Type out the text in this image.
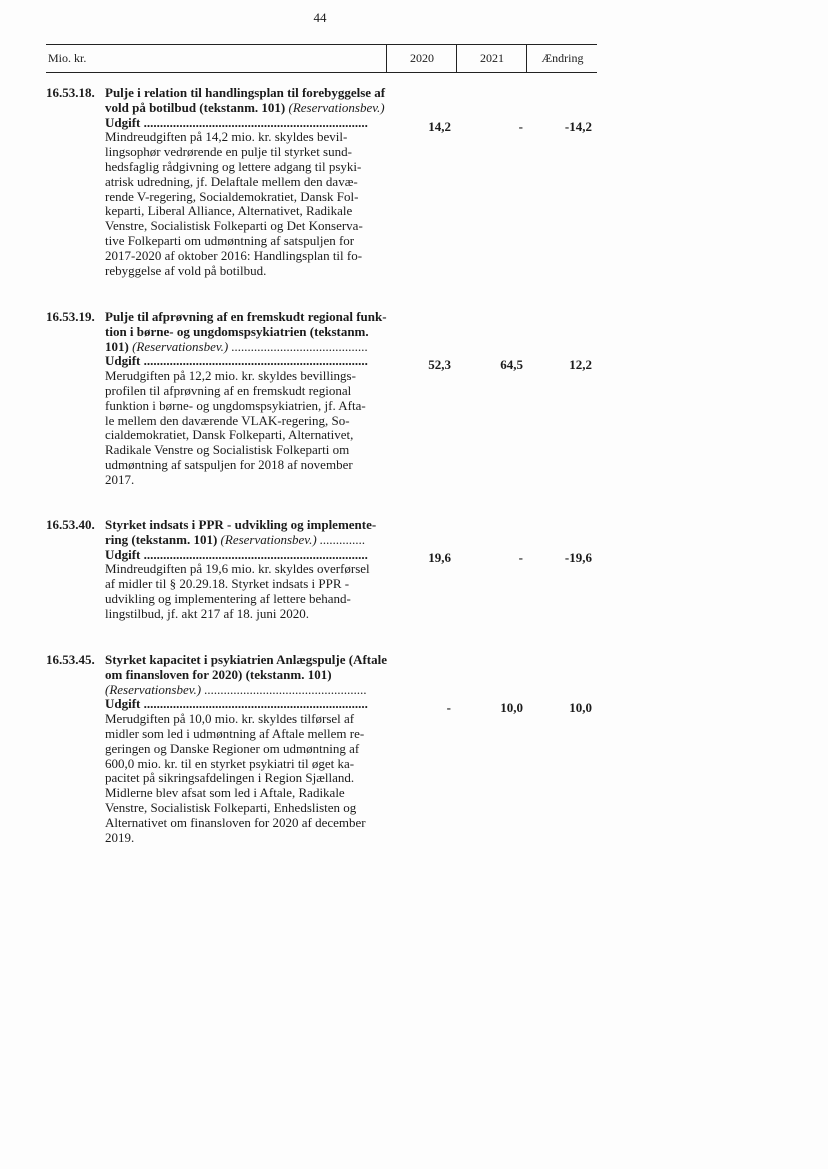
44
Mio. kr.	2020	2021	Ændring
16.53.18. Pulje i relation til handlingsplan til forebyggelse af
vold på botilbud (tekstanm. 101) (Reservationsbev.)
Udgift .....................................................................
Mindreudgiften på 14,2 mio. kr. skyldes bevil-
lingsophør vedrørende en pulje til styrket sund-
hedsfaglig rådgivning og lettere adgang til psyki-
atrisk udredning, jf. Delaftale mellem den davæ-
rende V-regering, Socialdemokratiet, Dansk Fol-
keparti, Liberal Alliance, Alternativet, Radikale
Venstre, Socialistisk Folkeparti og Det Konserva-
tive Folkeparti om udmøntning af satspuljen for
2017-2020 af oktober 2016: Handlingsplan til fo-
rebyggelse af vold på botilbud.
14,2	-	-14,2
16.53.19. Pulje til afprøvning af en fremskudt regional funk-
tion i børne- og ungdomspsykiatrien (tekstanm.
101) (Reservationsbev.) ..........................................
Udgift .....................................................................
Merudgiften på 12,2 mio. kr. skyldes bevillings-
profilen til afprøvning af en fremskudt regional
funktion i børne- og ungdomspsykiatrien, jf. Afta-
le mellem den daværende VLAK-regering, So-
cialdemokratiet, Dansk Folkeparti, Alternativet,
Radikale Venstre og Socialistisk Folkeparti om
udmøntning af satspuljen for 2018 af november
2017.
52,3	64,5	12,2
16.53.40. Styrket indsats i PPR - udvikling og implemente-
ring (tekstanm. 101) (Reservationsbev.) ..............
Udgift .....................................................................
Mindreudgiften på 19,6 mio. kr. skyldes overførsel
af midler til § 20.29.18. Styrket indsats i PPR -
udvikling og implementering af lettere behand-
lingstilbud, jf. akt 217 af 18. juni 2020.
19,6	-	-19,6
16.53.45. Styrket kapacitet i psykiatrien Anlægspulje (Aftale
om finansloven for 2020) (tekstanm. 101)
(Reservationsbev.) ..................................................
Udgift .....................................................................
Merudgiften på 10,0 mio. kr. skyldes tilførsel af
midler som led i udmøntning af Aftale mellem re-
geringen og Danske Regioner om udmøntning af
600,0 mio. kr. til en styrket psykiatri til øget ka-
pacitet på sikringsafdelingen i Region Sjælland.
Midlerne blev afsat som led i Aftale, Radikale
Venstre, Socialistisk Folkeparti, Enhedslisten og
Alternativet om finansloven for 2020 af december
2019.
-	10,0	10,0
